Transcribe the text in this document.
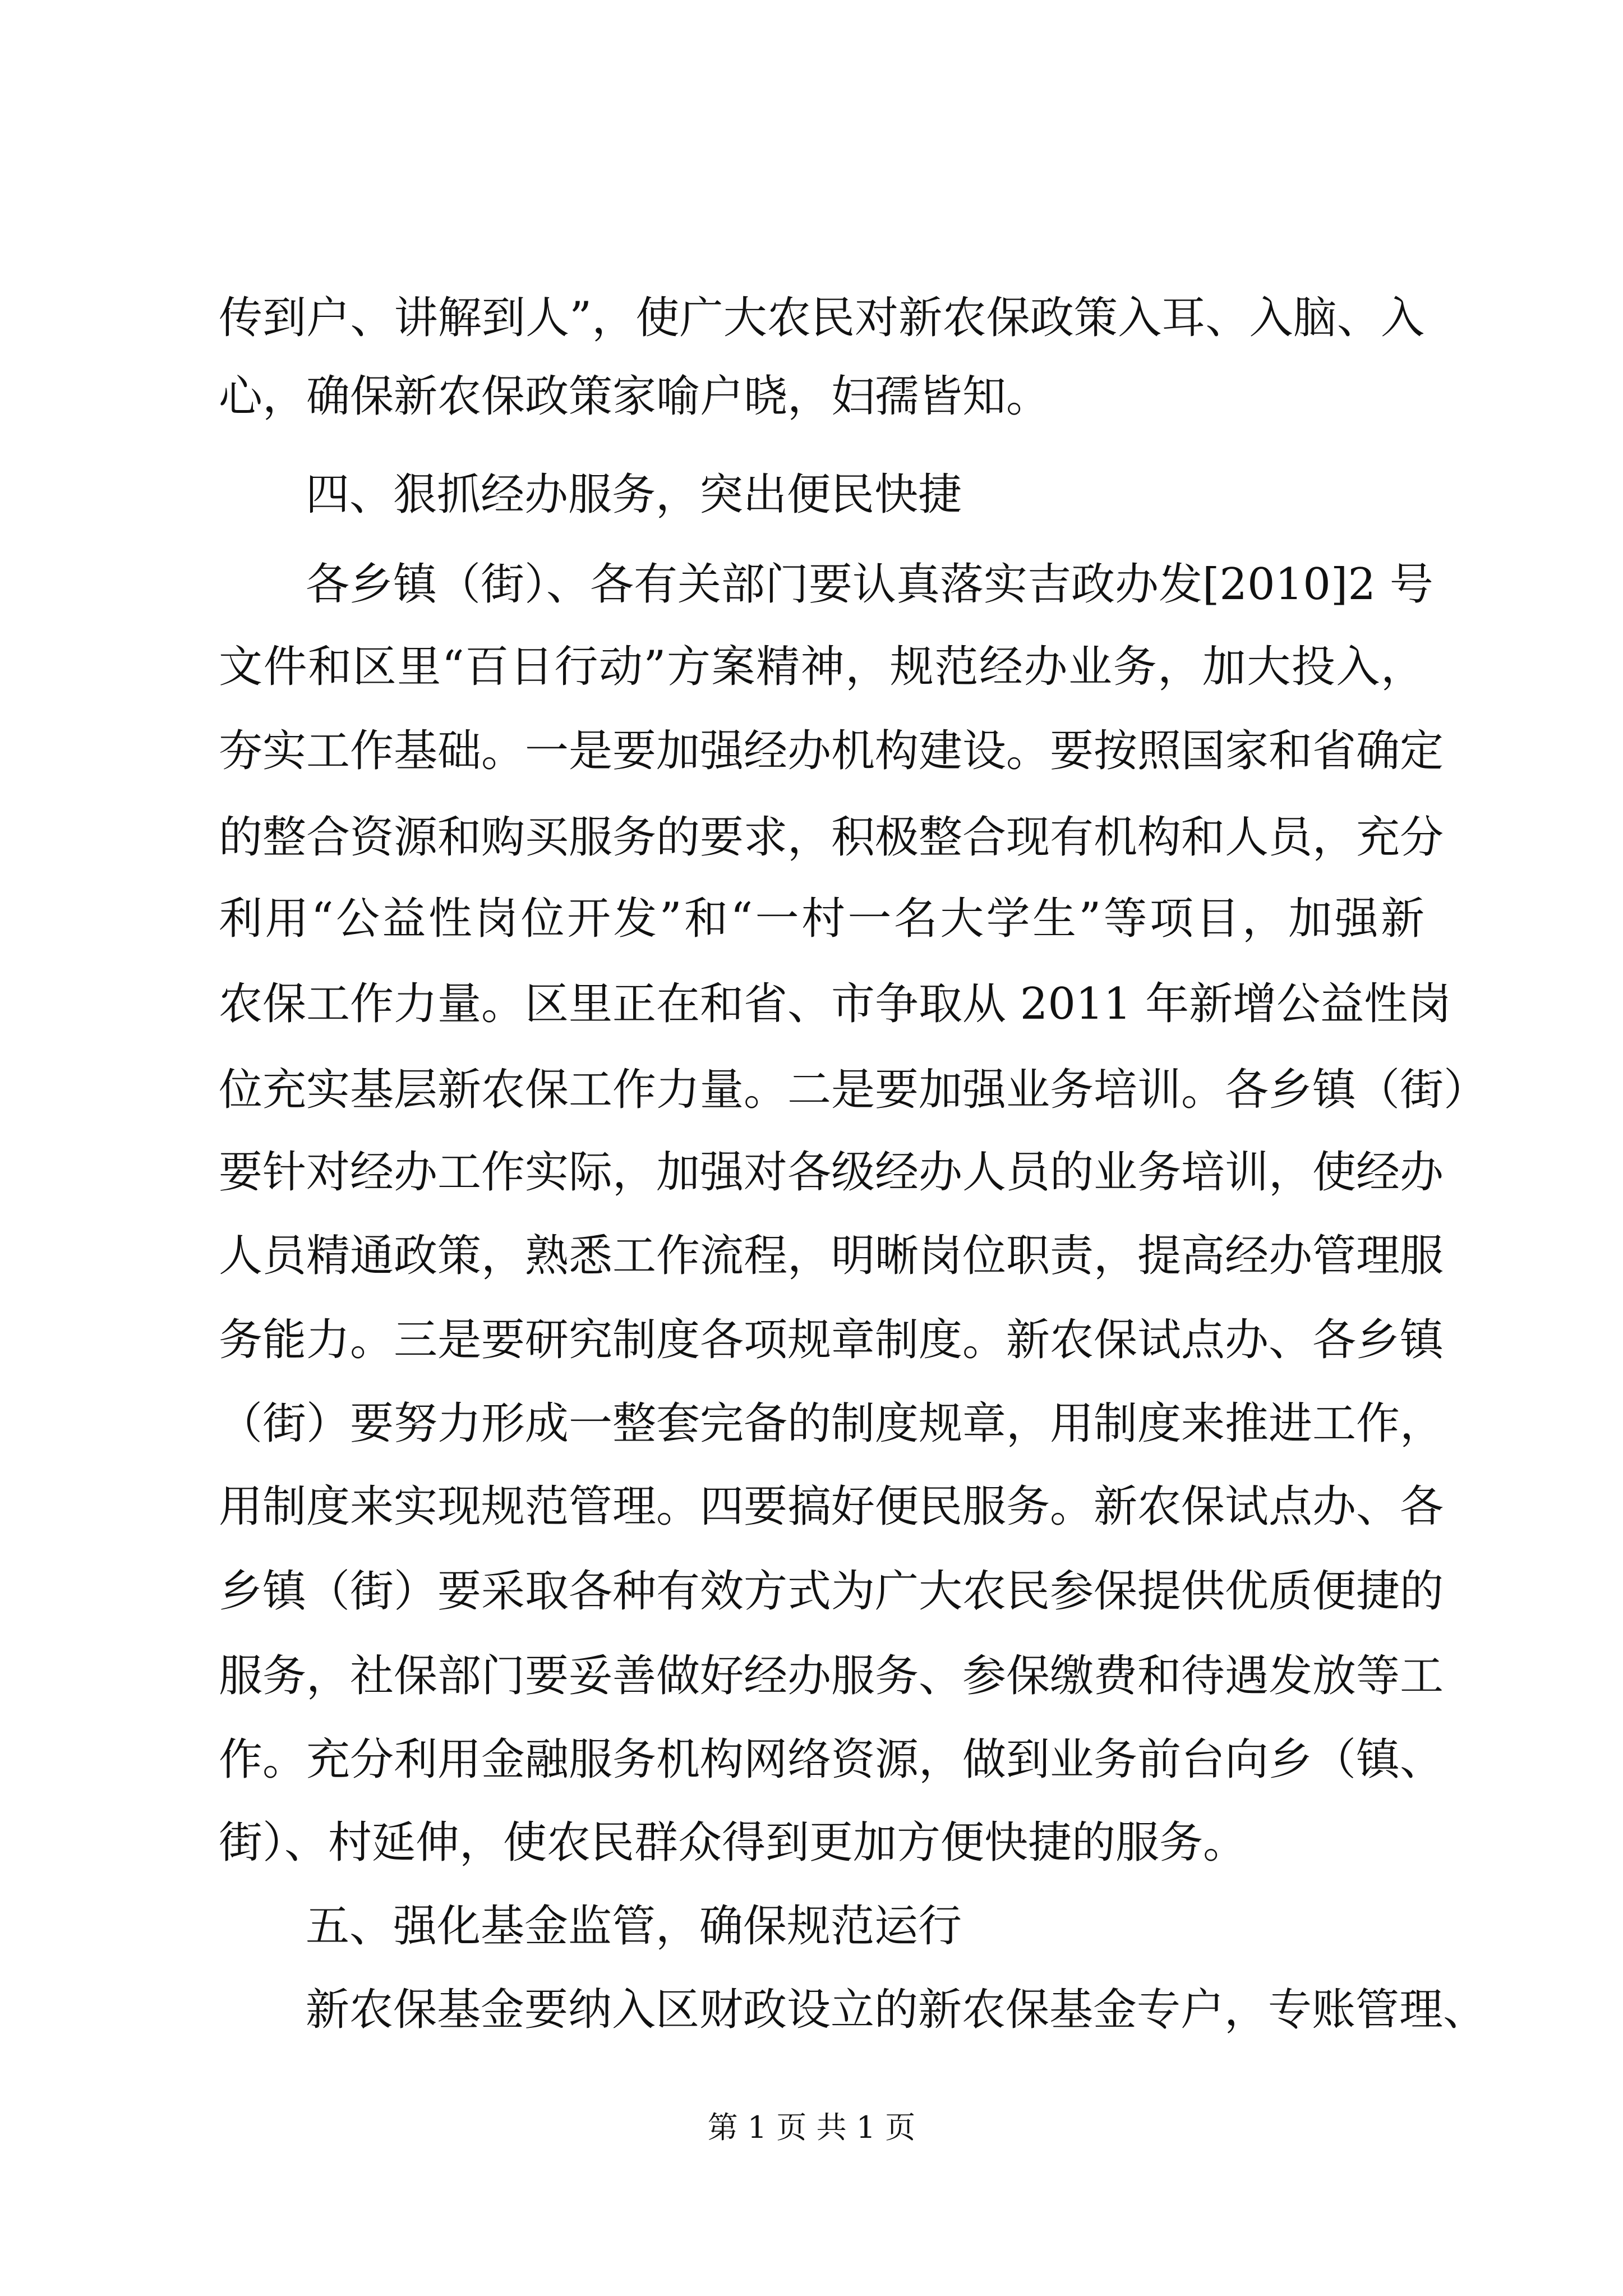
传到户、讲解到人”，使广大农民对新农保政策入耳、入脑、入
心，确保新农保政策家喻户晓，妇孺皆知。
四、狠抓经办服务，突出便民快捷
各乡镇（街）、各有关部门要认真落实吉政办发[2010]2 号
文件和区里“百日行动”方案精神，规范经办业务，加大投入，
夯实工作基础。一是要加强经办机构建设。要按照国家和省确定
的整合资源和购买服务的要求，积极整合现有机构和人员，充分
利用“公益性岗位开发”和“一村一名大学生”等项目，加强新
农保工作力量。区里正在和省、市争取从 2011 年新增公益性岗
位充实基层新农保工作力量。二是要加强业务培训。各乡镇（街）
要针对经办工作实际，加强对各级经办人员的业务培训，使经办
人员精通政策，熟悉工作流程，明晰岗位职责，提高经办管理服
务能力。三是要研究制度各项规章制度。新农保试点办、各乡镇
（街）要努力形成一整套完备的制度规章，用制度来推进工作，
用制度来实现规范管理。四要搞好便民服务。新农保试点办、各
乡镇（街）要采取各种有效方式为广大农民参保提供优质便捷的
服务，社保部门要妥善做好经办服务、参保缴费和待遇发放等工
作。充分利用金融服务机构网络资源，做到业务前台向乡（镇、
街）、村延伸，使农民群众得到更加方便快捷的服务。
五、强化基金监管，确保规范运行
新农保基金要纳入区财政设立的新农保基金专户，专账管理、
第 1 页 共 1 页
